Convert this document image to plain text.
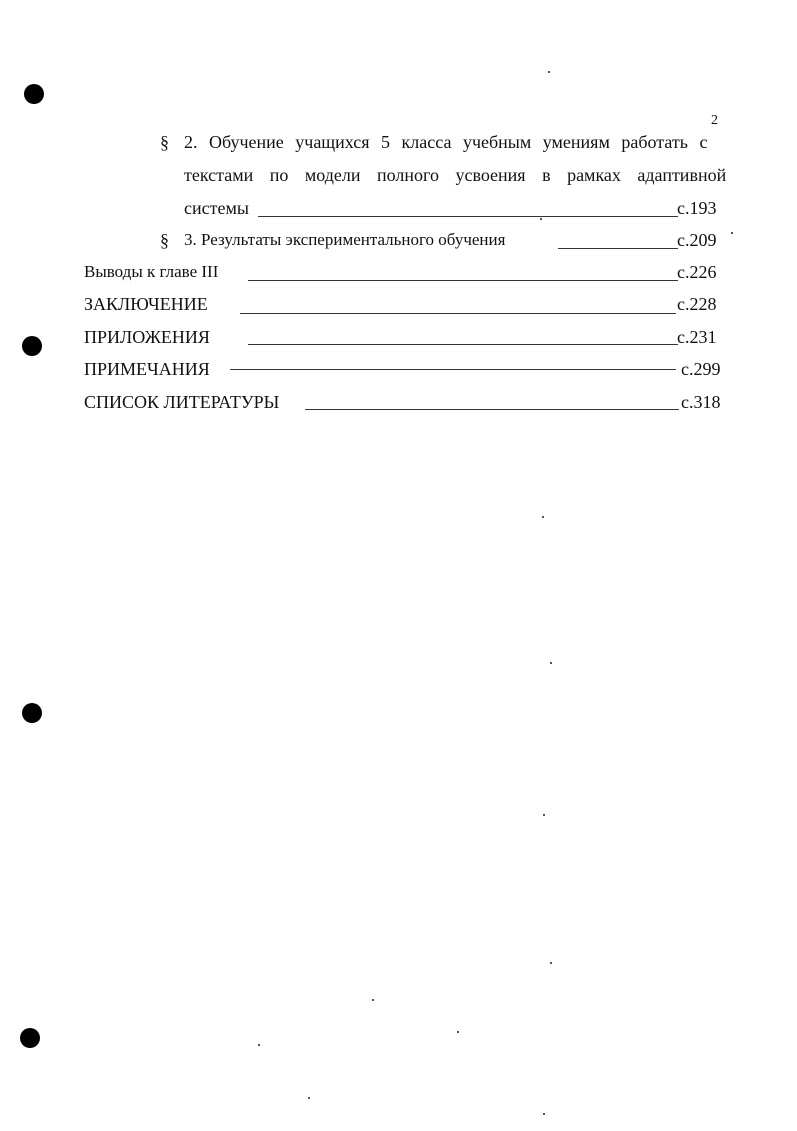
2
§ 2. Обучение учащихся 5 класса учебным умениям работать с
текстами по модели полного усвоения в рамках адаптивной
системы	с.193
§ 3. Результаты экспериментального обучения	с.209
Выводы к главе III	с.226
ЗАКЛЮЧЕНИЕ	с.228
ПРИЛОЖЕНИЯ	с.231
ПРИМЕЧАНИЯ	с.299
СПИСОК ЛИТЕРАТУРЫ	с.318
